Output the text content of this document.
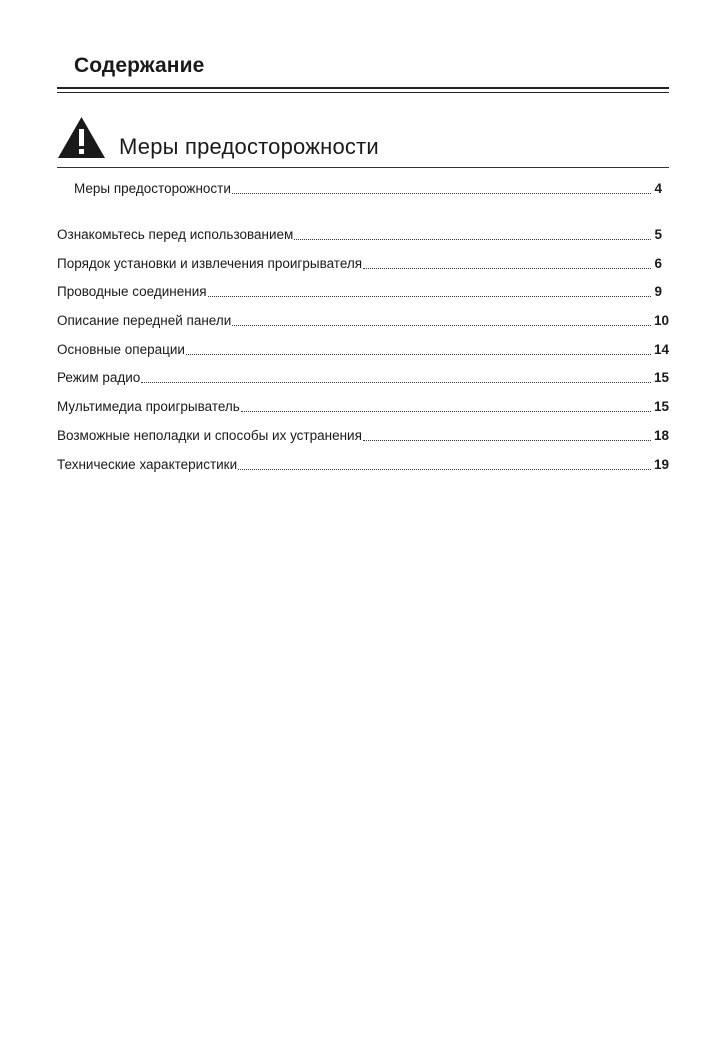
Содержание
Меры предосторожности
Меры предосторожности	4
Ознакомьтесь перед использованием	5
Порядок установки и извлечения проигрывателя	6
Проводные соединения	9
Описание передней панели	10
Основные операции	14
Режим радио	15
Мультимедиа проигрыватель	15
Возможные неполадки и способы их устранения	18
Технические характеристики	19
